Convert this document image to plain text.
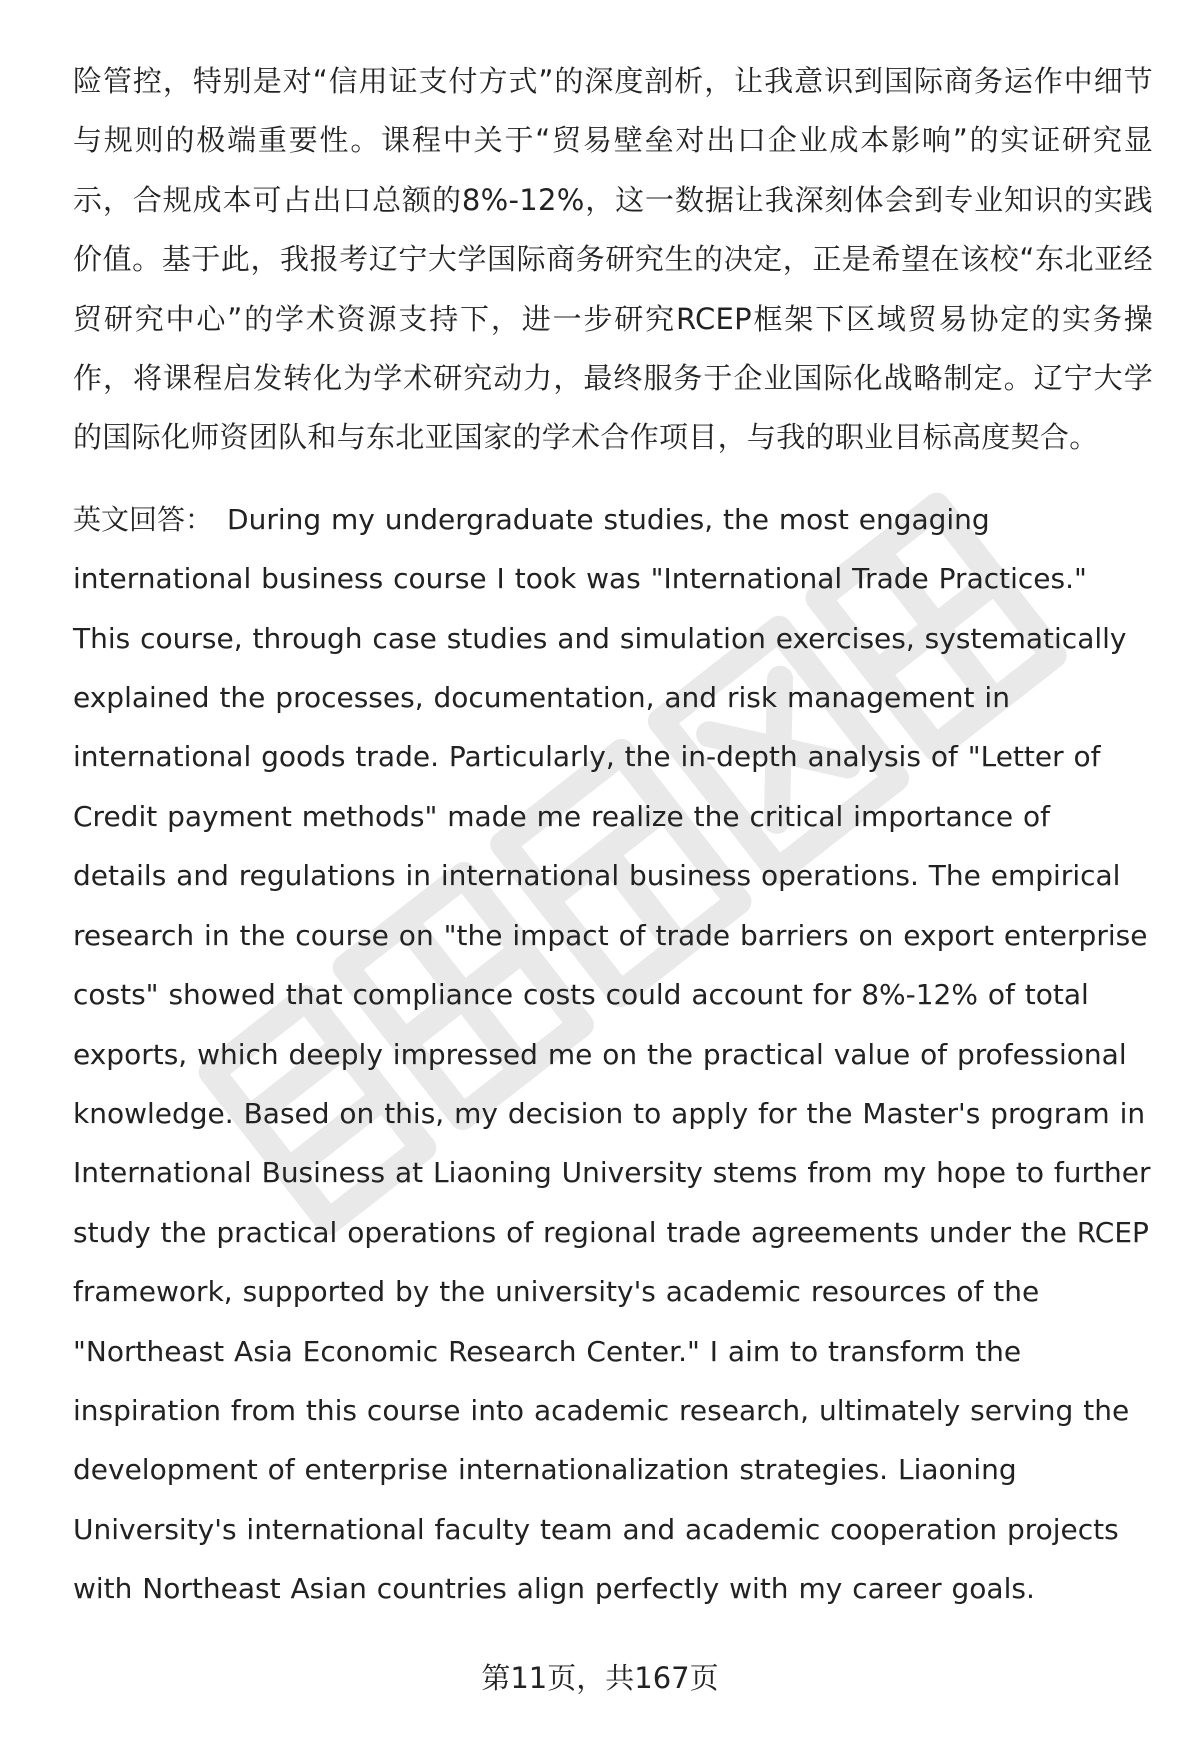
险管控，特别是对“信用证支付方式”的深度剖析，让我意识到国际商务运作中细节与规则的极端重要性。课程中关于“贸易壁垒对出口企业成本影响”的实证研究显示，合规成本可占出口总额的8%-12%，这一数据让我深刻体会到专业知识的实践价值。基于此，我报考辽宁大学国际商务研究生的决定，正是希望在该校“东北亚经贸研究中心”的学术资源支持下，进一步研究RCEP框架下区域贸易协定的实务操作，将课程启发转化为学术研究动力，最终服务于企业国际化战略制定。辽宁大学的国际化师资团队和与东北亚国家的学术合作项目，与我的职业目标高度契合。

英文回答： During my undergraduate studies, the most engaging international business course I took was "International Trade Practices." This course, through case studies and simulation exercises, systematically explained the processes, documentation, and risk management in international goods trade. Particularly, the in-depth analysis of "Letter of Credit payment methods" made me realize the critical importance of details and regulations in international business operations. The empirical research in the course on "the impact of trade barriers on export enterprise costs" showed that compliance costs could account for 8%-12% of total exports, which deeply impressed me on the practical value of professional knowledge. Based on this, my decision to apply for the Master's program in International Business at Liaoning University stems from my hope to further study the practical operations of regional trade agreements under the RCEP framework, supported by the university's academic resources of the "Northeast Asia Economic Research Center." I aim to transform the inspiration from this course into academic research, ultimately serving the development of enterprise internationalization strategies. Liaoning University's international faculty team and academic cooperation projects with Northeast Asian countries align perfectly with my career goals.

第11页，共167页
